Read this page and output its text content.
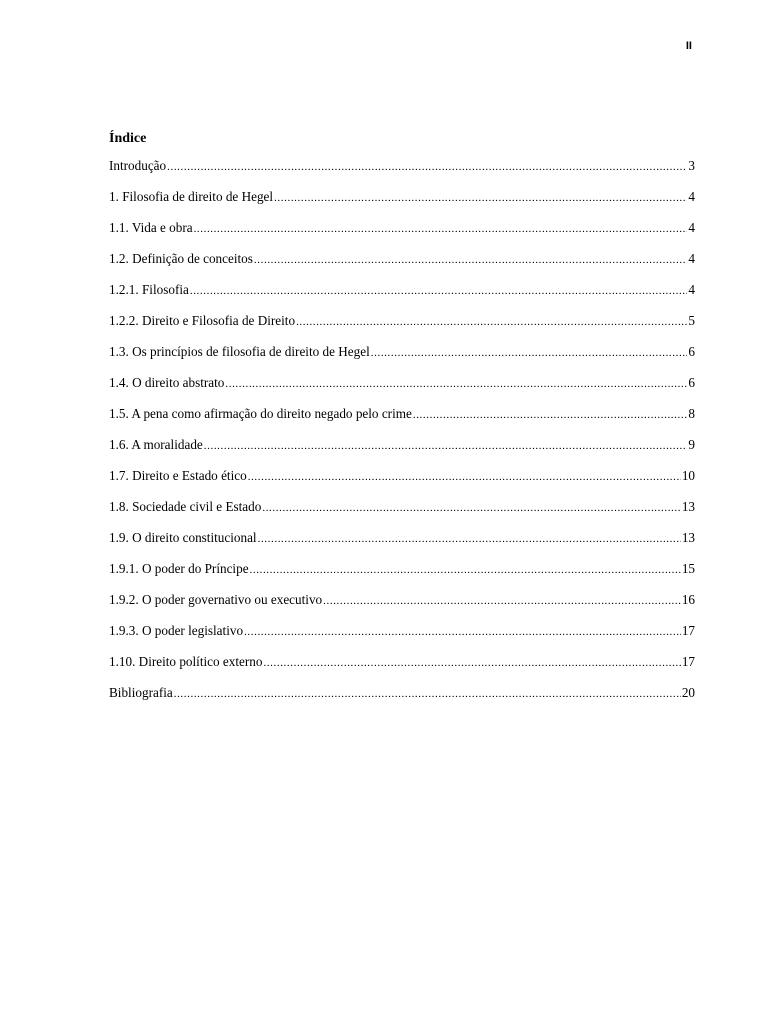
II
Índice
Introdução .....	3
1. Filosofia de direito de Hegel .....	4
1.1. Vida e obra .....	4
1.2. Definição de conceitos .....	4
1.2.1. Filosofia .....	4
1.2.2. Direito e Filosofia de Direito .....	5
1.3. Os princípios de filosofia de direito de Hegel .....	6
1.4. O direito abstrato .....	6
1.5. A pena como afirmação do direito negado pelo crime .....	8
1.6. A moralidade .....	9
1.7. Direito e Estado ético .....	10
1.8. Sociedade civil e Estado .....	13
1.9. O direito constitucional .....	13
1.9.1. O poder do Príncipe .....	15
1.9.2. O poder governativo ou executivo .....	16
1.9.3. O poder legislativo .....	17
1.10. Direito político externo .....	17
Bibliografia .....	20
